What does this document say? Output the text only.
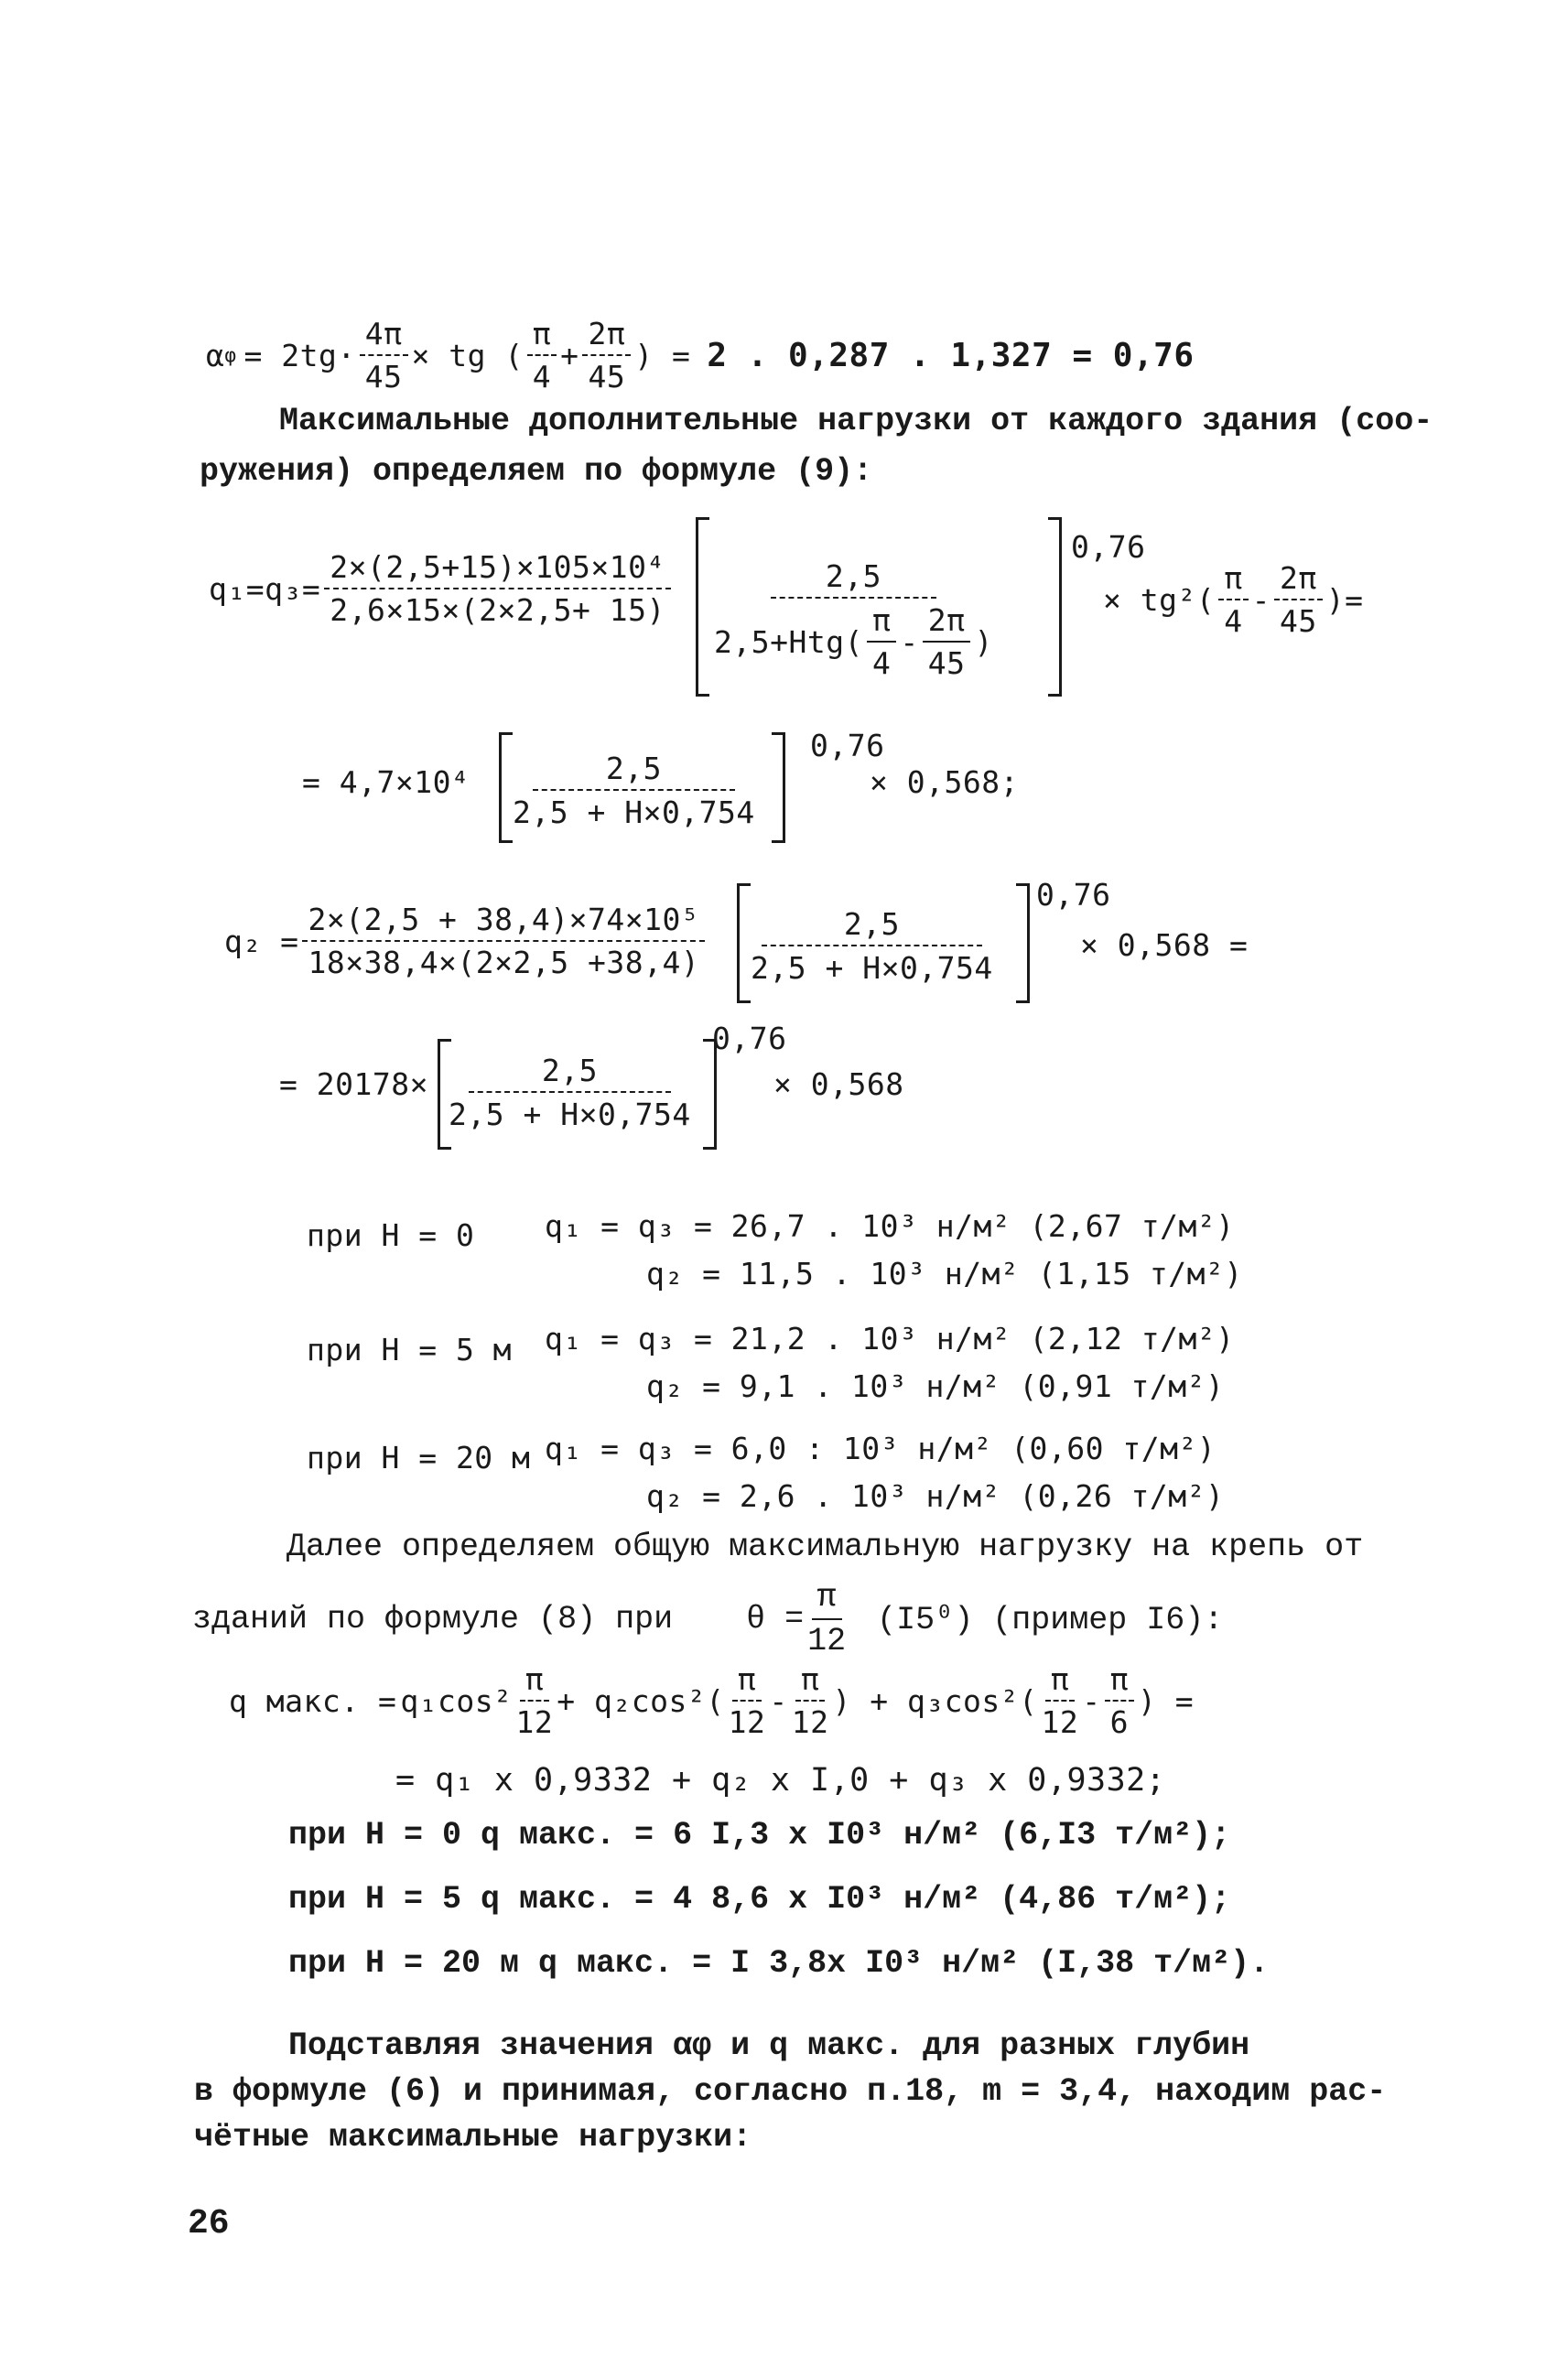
α $\varphi = 2tg\cdot \frac{4\pi}{45}$ × tg ( $\frac{\pi}{4} + \frac{2\pi}{45}$ ) = 2 . 0,287 . 1,327 = 0,76
Максимальные дополнительные нагрузки от каждого здания (соо-
ружения) определяем по формуле (9):
$q_1=q_3= \frac{\text{2×(2,5+15)×105×10⁴}}{2,6\times 15\times(2\times 2,5+ 15)}$	2,5
$2,5+Htg( \frac{\pi}{4} - \frac{2\pi}{45}$ )
0,76
× $tg^2( \frac{\pi}{4} - \frac{2\pi}{45}$ )=
= 4,7×10⁴	2,5
2,5 + H×0,754
0,76
× 0,568;
$q_2 = \frac{\text{2×(2,5 + 38,4)×74×10⁵}}{18\times 38,4\times(2\times 2,5 +38,4)}$	2,5
2,5 + H×0,754
0,76
× 0,568 =
= 20178×	2,5
2,5 + H×0,754
0,76
× 0,568
при H = 0 q₁ = q₃ = 26,7 . 10³ н/м² (2,67 т/м²)
q₂ = 11,5 . 10³ н/м² (1,15 т/м²)
при H = 5 м q₁ = q₃ = 21,2 . 10³ н/м² (2,12 т/м²)
q₂ = 9,1 . 10³ н/м² (0,91 т/м²)
при H = 20 м q₁ = q₃ = 6,0 : 10³ н/м² (0,60 т/м²)
q₂ = 2,6 . 10³ н/м² (0,26 т/м²)
Далее определяем общую максимальную нагрузку на крепь от
зданий по формуле (8) при $\theta = \frac{\pi}{12} (I5^0)$ (пример I6):
q макс. = $q_1\cos^2 \frac{\pi}{12} + q_2\cos^2( \frac{\pi}{12} - \frac{\pi}{12}$ ) + $q_3\cos^2( \frac{\pi}{12} - \frac{\pi}{6}$ ) =
= q₁ x 0,9332 + q₂ x I,0 + q₃ x 0,9332;
при H = 0 q макс. = 6 I,3 x I0³ н/м² (6,I3 т/м²);
при H = 5 q макс. = 4 8,6 x I0³ н/м² (4,86 т/м²);
при H = 20 м q макс. = I 3,8x I0³ н/м² (I,38 т/м²).
Подставляя значения αφ и q макс. для разных глубин
в формуле (6) и принимая, согласно п.18, m = 3,4, находим рас-
чётные максимальные нагрузки:
26
